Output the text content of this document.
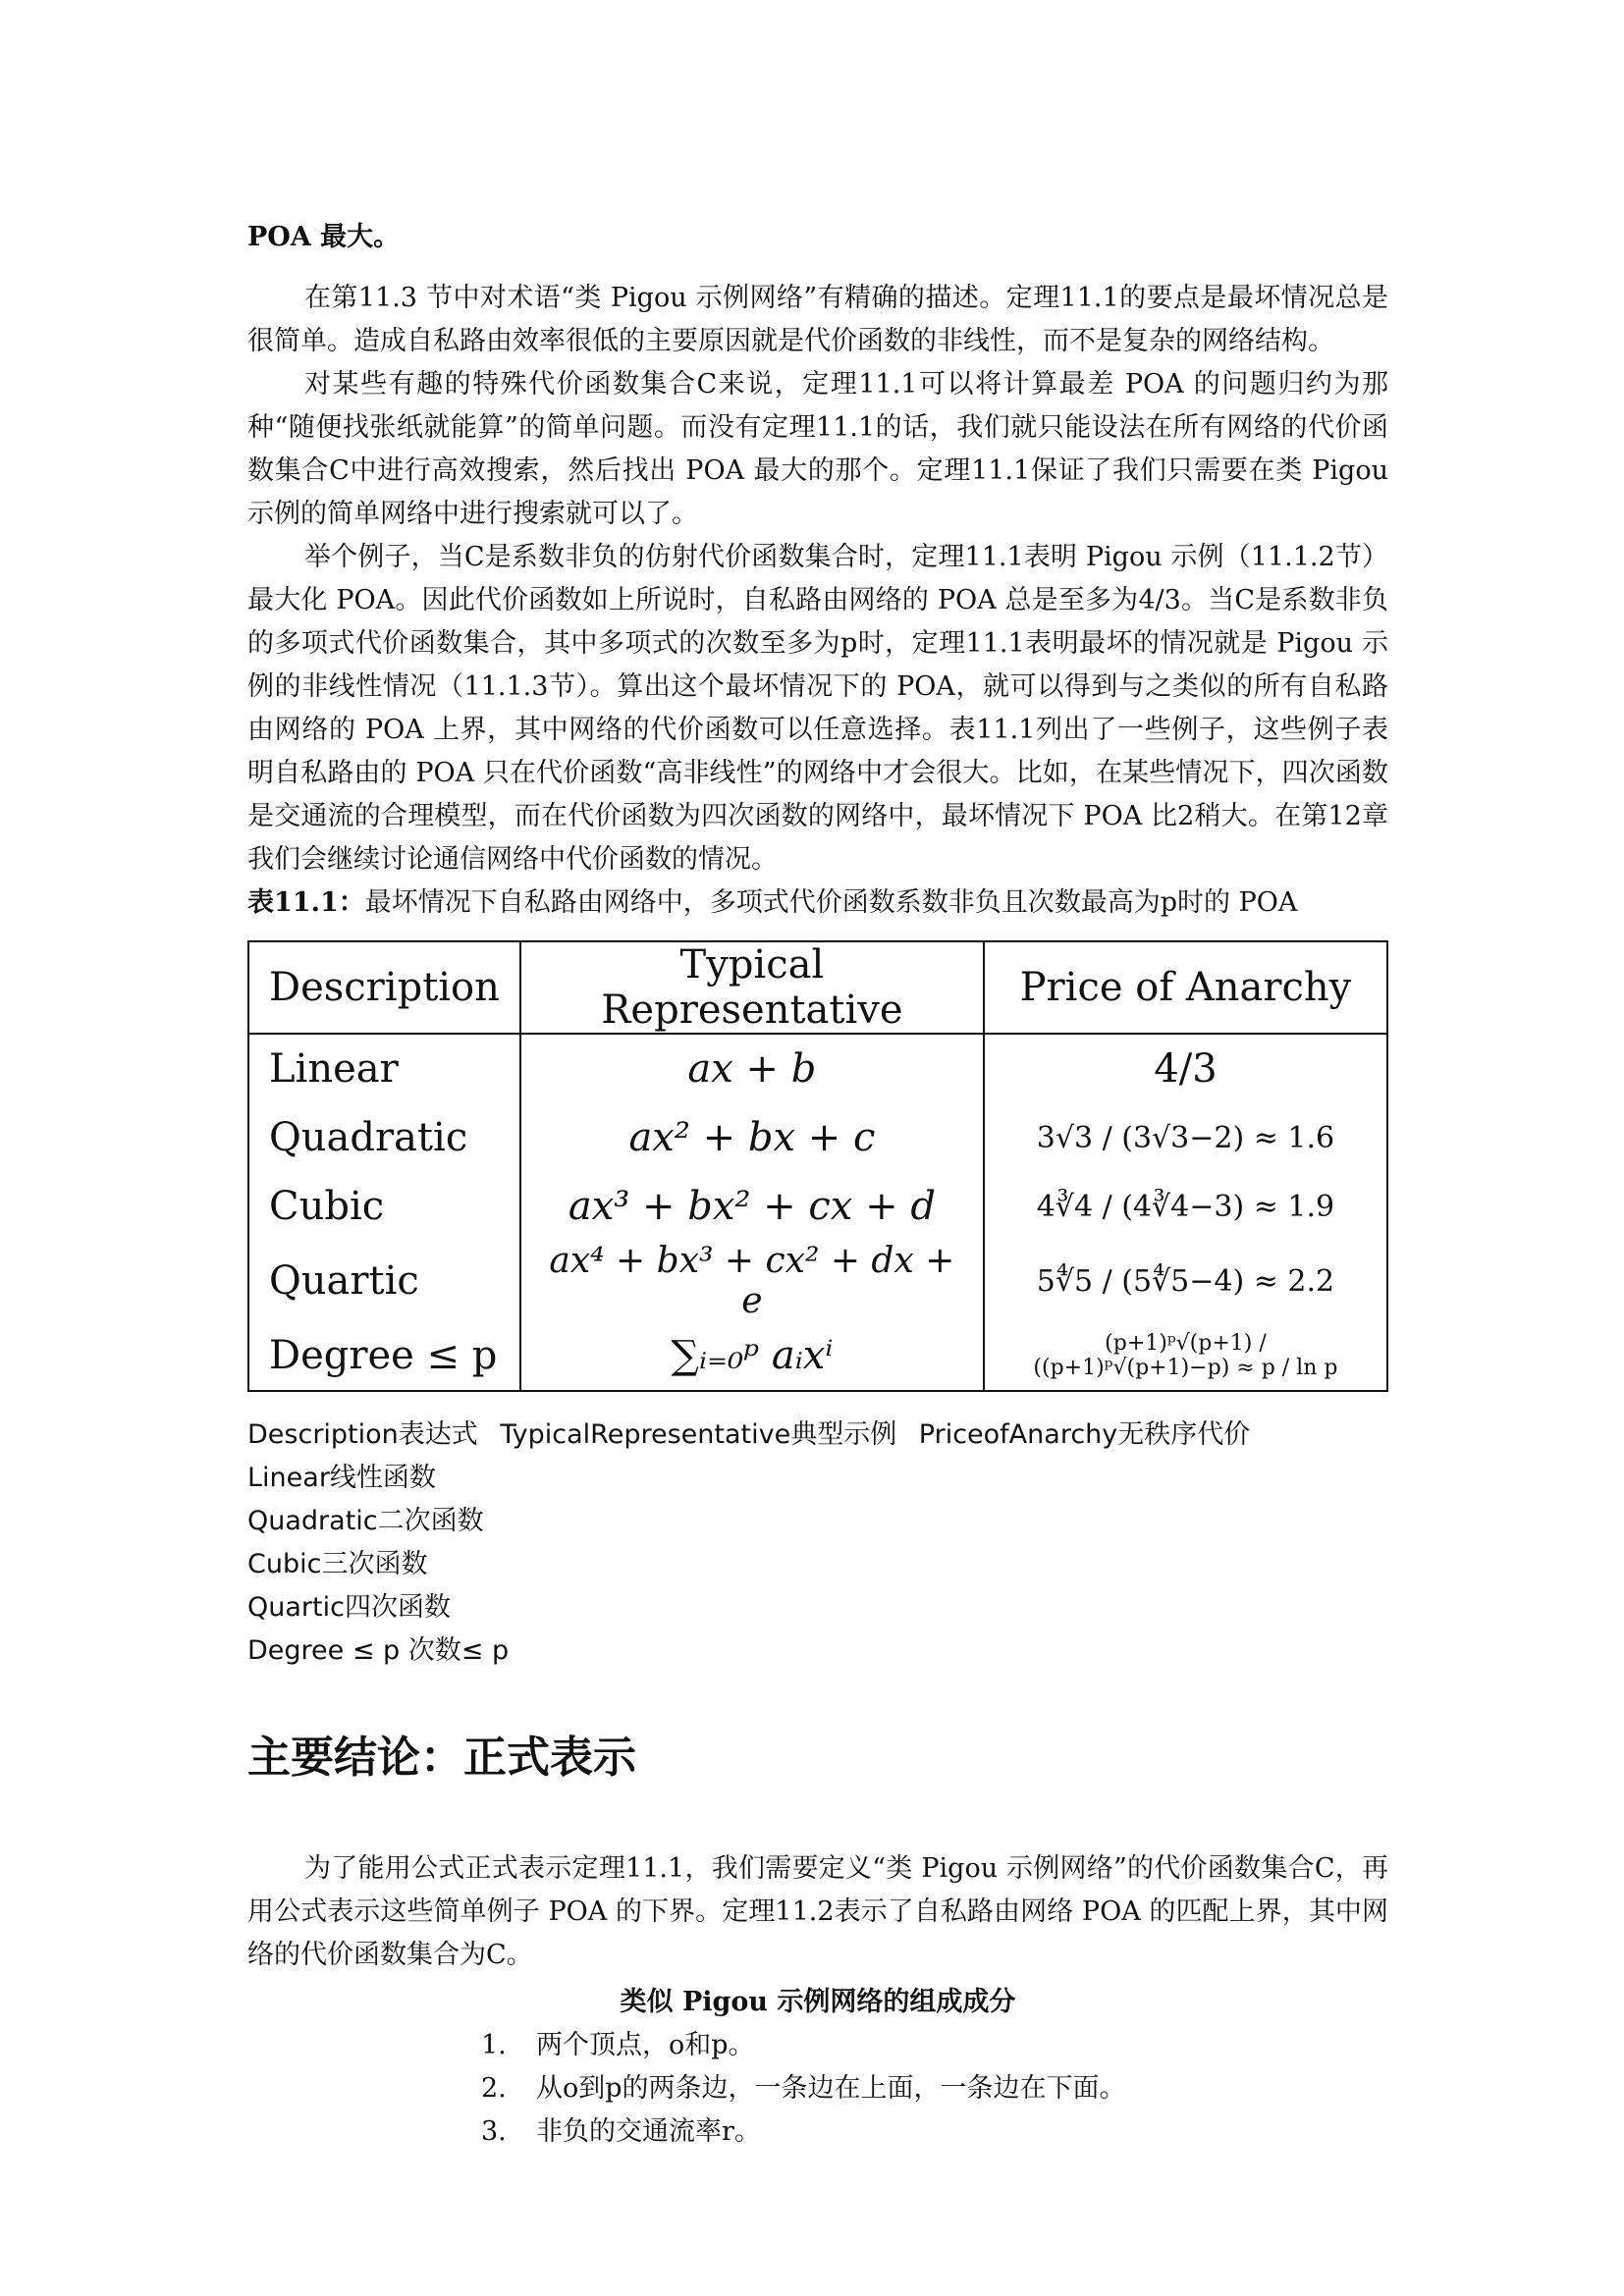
POA 最大。

在第11.3 节中对术语“类 Pigou 示例网络”有精确的描述。定理11.1的要点是最坏情况总是很简单。造成自私路由效率很低的主要原因就是代价函数的非线性，而不是复杂的网络结构。

对某些有趣的特殊代价函数集合C来说，定理11.1可以将计算最差 POA 的问题归约为那种“随便找张纸就能算”的简单问题。而没有定理11.1的话，我们就只能设法在所有网络的代价函数集合C中进行高效搜索，然后找出 POA 最大的那个。定理11.1保证了我们只需要在类 Pigou 示例的简单网络中进行搜索就可以了。

举个例子，当C是系数非负的仿射代价函数集合时，定理11.1表明 Pigou 示例（11.1.2节）最大化 POA。因此代价函数如上所说时，自私路由网络的 POA 总是至多为4/3。当C是系数非负的多项式代价函数集合，其中多项式的次数至多为p时，定理11.1表明最坏的情况就是 Pigou 示例的非线性情况（11.1.3节）。算出这个最坏情况下的 POA，就可以得到与之类似的所有自私路由网络的 POA 上界，其中网络的代价函数可以任意选择。表11.1列出了一些例子，这些例子表明自私路由的 POA 只在代价函数“高非线性”的网络中才会很大。比如，在某些情况下，四次函数是交通流的合理模型，而在代价函数为四次函数的网络中，最坏情况下 POA 比2稍大。在第12章我们会继续讨论通信网络中代价函数的情况。

表11.1：最坏情况下自私路由网络中，多项式代价函数系数非负且次数最高为p时的 POA

Description	Typical Representative	Price of Anarchy
Linear	ax + b	4/3
Quadratic	ax² + bx + c	3√3 / (3√3−2) ≈ 1.6
Cubic	ax³ + bx² + cx + d	4∛4 / (4∛4−3) ≈ 1.9
Quartic	ax⁴ + bx³ + cx² + dx + e	5∜5 / (5∜5−4) ≈ 2.2
Degree ≤ p	∑ᵢ₌₀ᵖ aᵢxⁱ	(p+1)ᵖ√(p+1) / ((p+1)ᵖ√(p+1)−p) ≈ p / ln p
Description表达式 TypicalRepresentative典型示例 PriceofAnarchy无秩序代价
Linear线性函数
Quadratic二次函数
Cubic三次函数
Quartic四次函数
Degree ≤ p 次数≤ p
主要结论：正式表示

为了能用公式正式表示定理11.1，我们需要定义“类 Pigou 示例网络”的代价函数集合C，再用公式表示这些简单例子 POA 的下界。定理11.2表示了自私路由网络 POA 的匹配上界，其中网络的代价函数集合为C。

类似 Pigou 示例网络的组成成分
1. 两个顶点，o和p。
2. 从o到p的两条边，一条边在上面，一条边在下面。
3. 非负的交通流率r。
